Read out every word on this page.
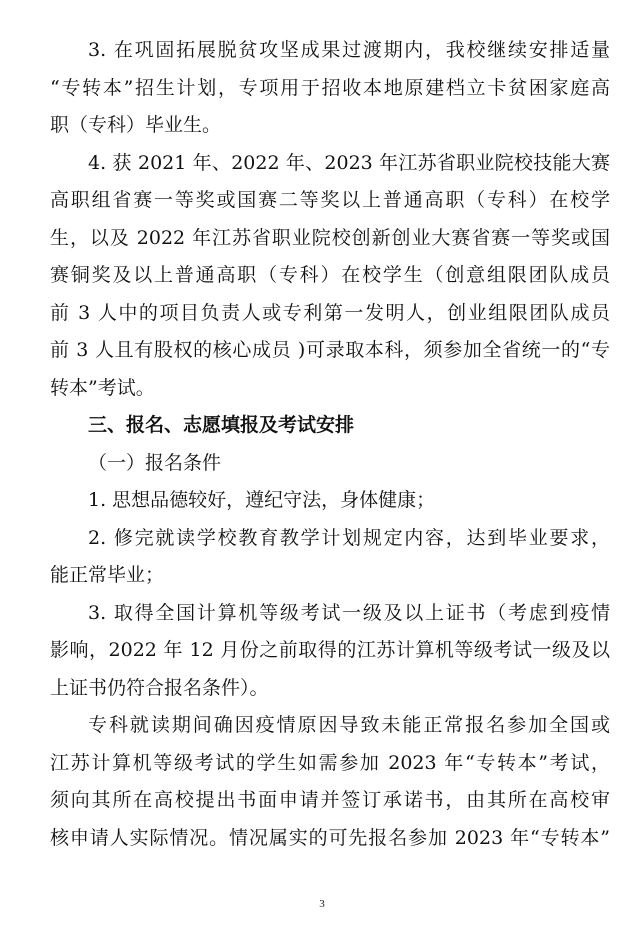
3. 在巩固拓展脱贫攻坚成果过渡期内，我校继续安排适量
“专转本”招生计划，专项用于招收本地原建档立卡贫困家庭高
职（专科）毕业生。
4. 获 2021 年、2022 年、2023 年江苏省职业院校技能大赛
高职组省赛一等奖或国赛二等奖以上普通高职（专科）在校学
生，以及 2022 年江苏省职业院校创新创业大赛省赛一等奖或国
赛铜奖及以上普通高职（专科）在校学生（创意组限团队成员
前 3 人中的项目负责人或专利第一发明人，创业组限团队成员
前 3 人且有股权的核心成员 )可录取本科，须参加全省统一的“专
转本”考试。
三、报名、志愿填报及考试安排
（一）报名条件
1. 思想品德较好，遵纪守法，身体健康；
2. 修完就读学校教育教学计划规定内容，达到毕业要求，
能正常毕业；
3. 取得全国计算机等级考试一级及以上证书（考虑到疫情
影响，2022 年 12 月份之前取得的江苏计算机等级考试一级及以
上证书仍符合报名条件）。
专科就读期间确因疫情原因导致未能正常报名参加全国或
江苏计算机等级考试的学生如需参加 2023 年“专转本”考试，
须向其所在高校提出书面申请并签订承诺书，由其所在高校审
核申请人实际情况。情况属实的可先报名参加 2023 年“专转本”
3
